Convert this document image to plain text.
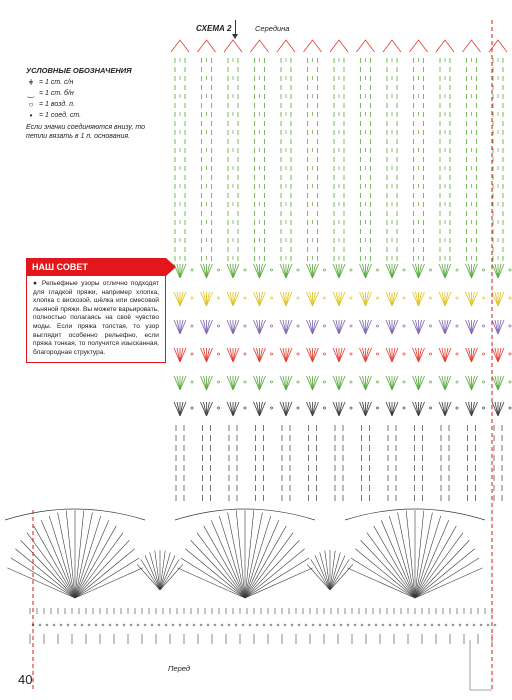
УСЛОВНЫЕ ОБОЗНАЧЕНИЯ
ǂ = 1 ст. с/н
‿ = 1 ст. б/н
○ = 1 возд. п.
• = 1 соед. ст.
Если значки соединяются внизу, то петли вязать в 1 п. основания.
НАШ СОВЕТ
● Рельефные узоры отлично подходят для гладкой пряжи, например хлопка, хлопка с вискозой, шёлка или смесовой льняной пряжи. Вы можете варьировать, полностью полагаясь на своё чувство моды. Если пряжа толстая, то узор выглядит особенно рельефно, если пряжа тонкая, то получится изысканная, благородная структура.
СХЕМА 2	Середина
Перед
40
